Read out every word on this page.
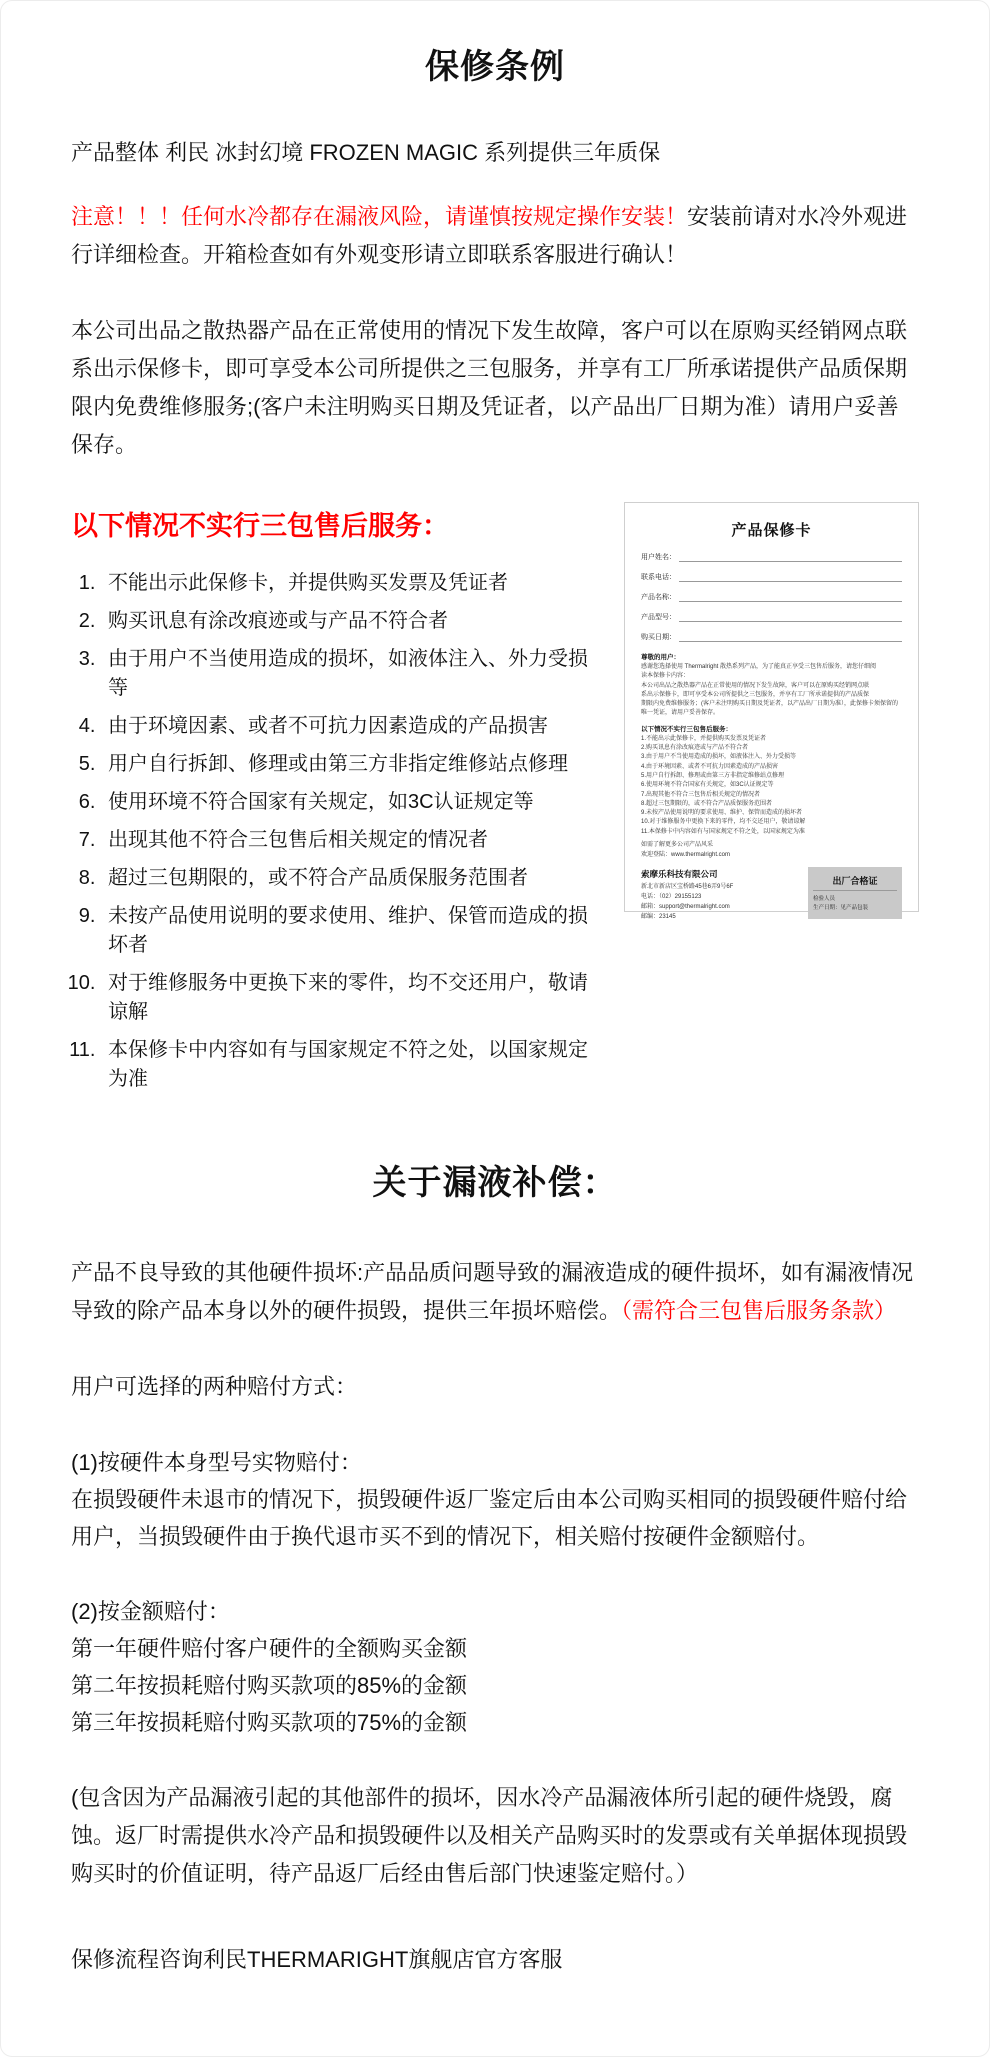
保修条例

产品整体 利民 冰封幻境 FROZEN MAGIC 系列提供三年质保

注意！！！任何水冷都存在漏液风险，请谨慎按规定操作安装！安装前请对水冷外观进行详细检查。开箱检查如有外观变形请立即联系客服进行确认！

本公司出品之散热器产品在正常使用的情况下发生故障，客户可以在原购买经销网点联系出示保修卡，即可享受本公司所提供之三包服务，并享有工厂所承诺提供产品质保期限内免费维修服务;(客户未注明购买日期及凭证者，以产品出厂日期为准）请用户妥善保存。

以下情况不实行三包售后服务：
1. 不能出示此保修卡，并提供购买发票及凭证者
2. 购买讯息有涂改痕迹或与产品不符合者
3. 由于用户不当使用造成的损坏，如液体注入、外力受损等
4. 由于环境因素、或者不可抗力因素造成的产品损害
5. 用户自行拆卸、修理或由第三方非指定维修站点修理
6. 使用环境不符合国家有关规定，如3C认证规定等
7. 出现其他不符合三包售后相关规定的情况者
8. 超过三包期限的，或不符合产品质保服务范围者
9. 未按产品使用说明的要求使用、维护、保管而造成的损坏者
10. 对于维修服务中更换下来的零件，均不交还用户，敬请谅解
11. 本保修卡中内容如有与国家规定不符之处，以国家规定为准
产品保修卡
用户姓名：
联系电话：
产品名称：
产品型号：
购买日期：
尊敬的用户：
感谢您选择使用 Thermalright 散热系列产品，为了能真正享受三包售后服务，请您仔细阅
读本保修卡内容：
本公司出品之散热器产品在正常使用的情况下发生故障，客户可以在原购买经销网点联
系出示保修卡，即可享受本公司所提供之三包服务，并享有工厂所承诺提供的产品质保
期限内免费维修服务；(客户未注明购买日期及凭证者，以产品出厂日期为准），此保修卡须保留的
唯一凭证，请用户妥善保存。
以下情况不实行三包售后服务：
1.不能出示此保修卡，并提供购买发票及凭证者
2.购买讯息有涂改痕迹或与产品不符合者
3.由于用户不当使用造成的损坏，如液体注入、外力受损等
4.由于环境因素、或者不可抗力因素造成的产品损害
5.用户自行拆卸、修理或由第三方非指定维修站点修理
6.使用环境不符合国家有关规定，如3C认证规定等
7.出现其他不符合三包售后相关规定的情况者
8.超过三包期限的，或不符合产品质保服务范围者
9.未按产品使用说明的要求使用、维护、保管而造成的损坏者
10.对于维修服务中更换下来的零件，均不交还用户，敬请谅解
11.本保修卡中内容如有与国家规定不符之处，以国家规定为准
如需了解更多公司产品风采
欢迎登陆：www.thermalright.com
索摩乐科技有限公司
新北市新店区宝桥路45巷6弄9号6F
电话：（02）29155123
邮箱：support@thermalright.com
邮编：23145
出厂合格证
检验人员
生产日期：见产品包装
关于漏液补偿：

产品不良导致的其他硬件损坏:产品品质问题导致的漏液造成的硬件损坏，如有漏液情况导致的除产品本身以外的硬件损毁，提供三年损坏赔偿。（需符合三包售后服务条款）

用户可选择的两种赔付方式：

(1)按硬件本身型号实物赔付：
在损毁硬件未退市的情况下，损毁硬件返厂鉴定后由本公司购买相同的损毁硬件赔付给用户，当损毁硬件由于换代退市买不到的情况下，相关赔付按硬件金额赔付。
(2)按金额赔付：
第一年硬件赔付客户硬件的全额购买金额
第二年按损耗赔付购买款项的85%的金额
第三年按损耗赔付购买款项的75%的金额

(包含因为产品漏液引起的其他部件的损坏，因水冷产品漏液体所引起的硬件烧毁，腐蚀。返厂时需提供水冷产品和损毁硬件以及相关产品购买时的发票或有关单据体现损毁购买时的价值证明，待产品返厂后经由售后部门快速鉴定赔付。）

保修流程咨询利民THERMARIGHT旗舰店官方客服
